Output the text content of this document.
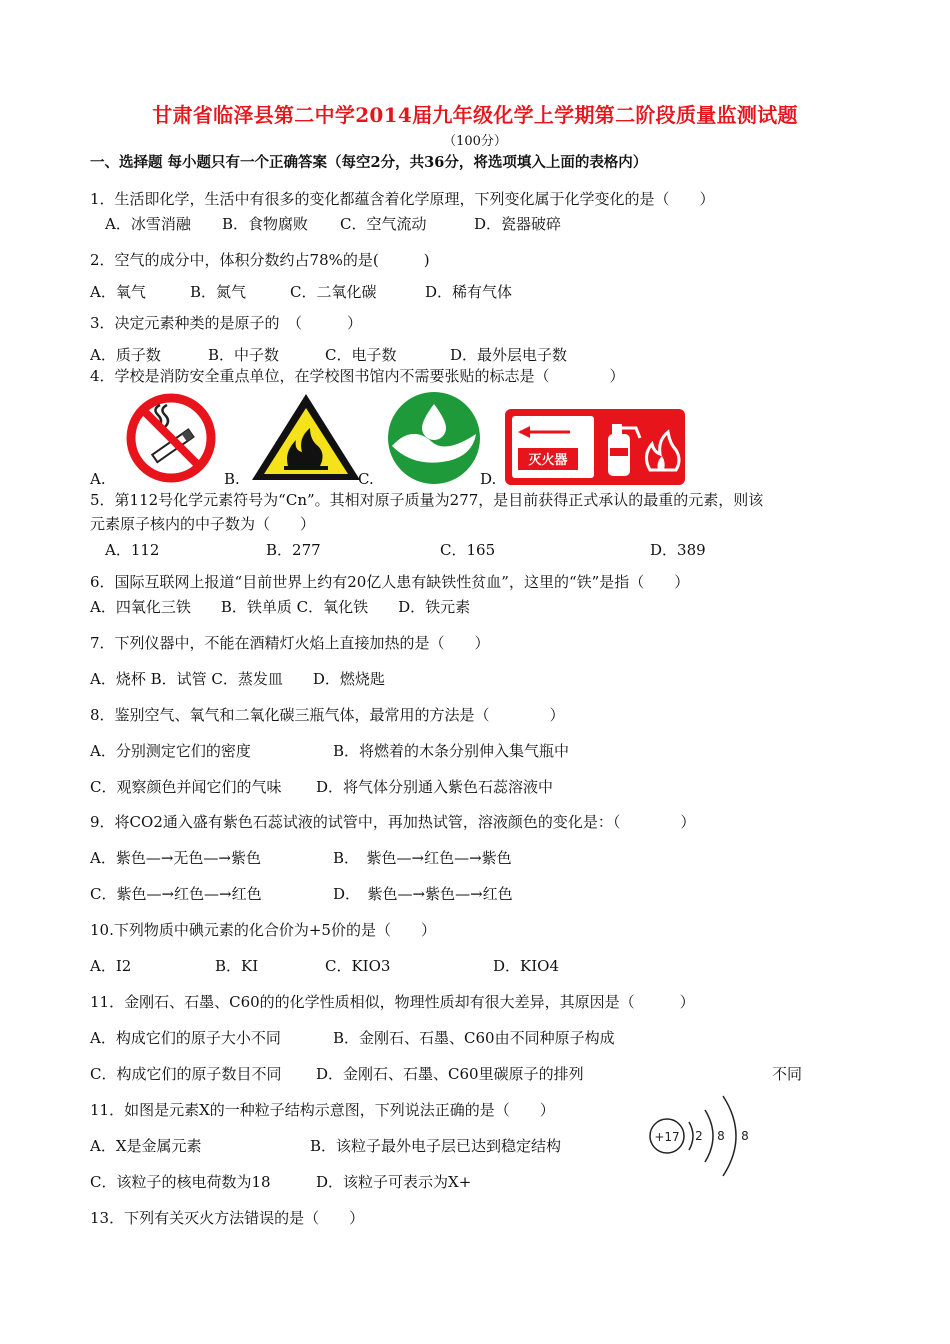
甘肃省临泽县第二中学2014届九年级化学上学期第二阶段质量监测试题
（100分）
一、选择题 每小题只有一个正确答案（每空2分，共36分，将选项填入上面的表格内）
1．生活即化学，生活中有很多的变化都蕴含着化学原理，下列变化属于化学变化的是（　　）
A．冰雪消融 B．食物腐败 C．空气流动	D．瓷器破碎
2．空气的成分中，体积分数约占78%的是(　　　)
A．氧气	B．氮气	C．二氧化碳	D．稀有气体
3．决定元素种类的是原子的　（　　　）
A．质子数	B．中子数	C．电子数	D．最外层电子数
4．学校是消防安全重点单位，在学校图书馆内不需要张贴的标志是（　　　　）
A.	B.	C.
灭火器
D.
5．第112号化学元素符号为“Cn”。其相对原子质量为277，是目前获得正式承认的最重的元素，则该
元素原子核内的中子数为（　　）
A．112	B．277	C．165	D．389
6．国际互联网上报道“目前世界上约有20亿人患有缺铁性贫血”，这里的“铁”是指（　　）
A．四氧化三铁　　B．铁单质 C．氧化铁　　D．铁元素
7．下列仪器中，不能在酒精灯火焰上直接加热的是（　　）
A．烧杯 B．试管 C．蒸发皿　　D．燃烧匙
8．鉴别空气、氧气和二氧化碳三瓶气体，最常用的方法是（　　　　）
A．分别测定它们的密度	B．将燃着的木条分别伸入集气瓶中
C．观察颜色并闻它们的气味 D．将气体分别通入紫色石蕊溶液中
9．将CO2通入盛有紫色石蕊试液的试管中，再加热试管，溶液颜色的变化是：（　　　　）
A．紫色—→无色—→紫色	B．　紫色—→红色—→紫色
C．紫色—→红色—→红色	D．　紫色—→紫色—→红色
10.下列物质中碘元素的化合价为+5价的是（　　）
A．I2	B．KI	C．KIO3	D．KIO4
11．金刚石、石墨、C60的的化学性质相似，物理性质却有很大差异，其原因是（　　　）
A．构成它们的原子大小不同	B．金刚石、石墨、C60由不同种原子构成
C．构成它们的原子数目不同 D．金刚石、石墨、C60里碳原子的排列	不同
11．如图是元素X的一种粒子结构示意图，下列说法正确的是（　　）
A．X是金属元素	B．该粒子最外电子层已达到稳定结构
C．该粒子的核电荷数为18	D．该粒子可表示为X+
+17 2 8 8
13．下列有关灭火方法错误的是（　　）
